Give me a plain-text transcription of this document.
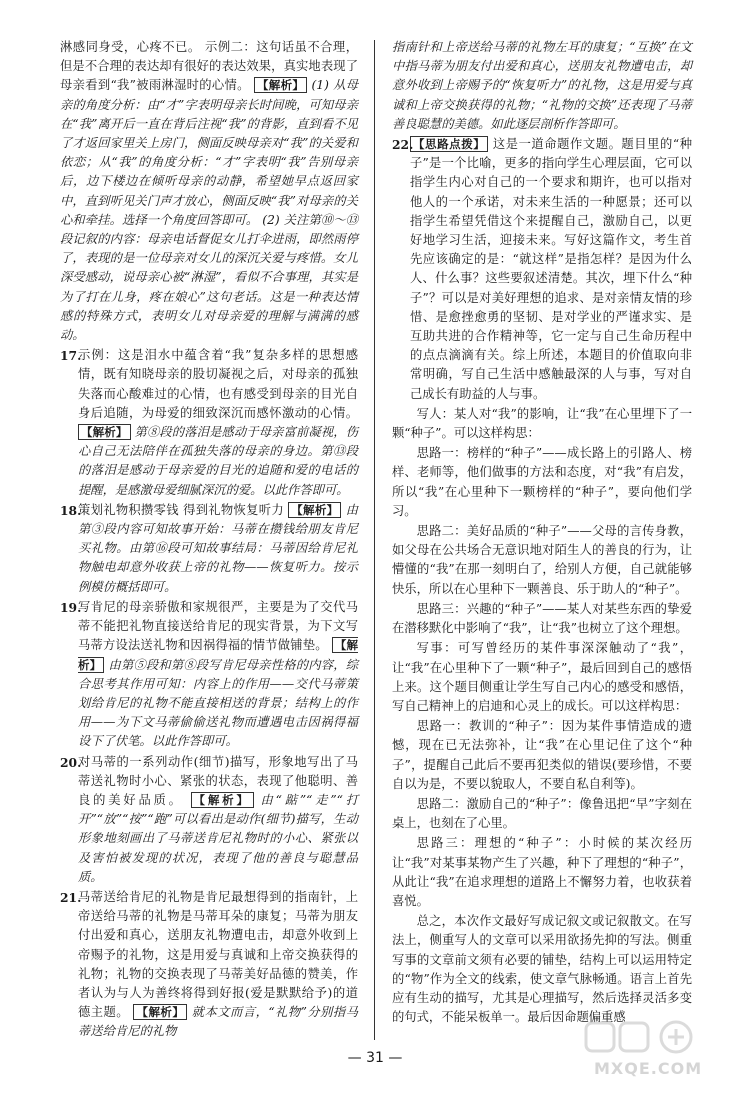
淋感同身受，心疼不已。 示例二：这句话虽不合理，但是不合理的表达却有很好的表达效果，真实地表现了母亲看到“我”被雨淋湿时的心情。 【解析】 (1) 从母亲的角度分析：由“才”字表明母亲长时间晚，可知母亲在“我”离开后一直在背后注视“我”的背影，直到看不见了才返回家里关上房门，侧面反映母亲对“我”的关爱和依恋；从“我”的角度分析：“才”字表明“我”告别母亲后，边下楼边在倾听母亲的动静，希望她早点返回家中，直到听见关门声才放心，侧面反映“我”对母亲的关心和牵挂。选择一个角度回答即可。 (2) 关注第⑩～⑬段记叙的内容：母亲电话督促女儿打伞进雨，即然雨停了，表现的是一位母亲对女儿的深沉关爱与疼惜。女儿深受感动，说母亲心被“淋湿”，看似不合事理，其实是为了打在儿身，疼在娘心”这句老话。这是一种表达情感的特殊方式，表明女儿对母亲爱的理解与满满的感动。

17.
示例：这是泪水中蕴含着“我”复杂多样的思想感情，既有知晓母亲的股切凝视之后，对母亲的孤独失落而心酸难过的心情，也有感受到母亲的目光自身后追随，为母爱的细致深沉而感怀激动的心情。 【解析】 第⑧段的落泪是感动于母亲富前凝视，伤心自己无法陪伴在孤独失落的母亲的身边。第⑬段的落泪是感动于母亲爱的目光的追随和爱的电话的提醒，是感激母爱细腻深沉的爱。以此作答即可。
18.
策划礼物积攒零钱 得到礼物恢复听力 【解析】 由第③段内容可知故事开始：马蒂在攒钱给朋友肯尼买礼物。由第⑯段可知故事结局：马蒂因给肯尼礼物触电却意外收获上帝的礼物——恢复听力。按示例模仿概括即可。
19.
写肯尼的母亲骄傲和家规很严，主要是为了交代马蒂不能把礼物直接送给肯尼的现实背景，为下文写马蒂方设法送礼物和因祸得福的情节做铺垫。 【解析】 由第⑤段和第⑧段写肯尼母亲性格的内容，综合思考其作用可知：内容上的作用——交代马蒂策划给肯尼的礼物不能直接相送的背景；结构上的作用——为下文马蒂偷偷送礼物而遭遇电击因祸得福设下了伏笔。以此作答即可。
20.
对马蒂的一系列动作(细节)描写，形象地写出了马蒂送礼物时小心、紧张的状态，表现了他聪明、善良的美好品质。 【解析】 由“踮”“走”“打开”“放”“按”“跑”可以看出是动作(细节)描写，生动形象地刻画出了马蒂送肯尼礼物时的小心、紧张以及害怕被发现的状况，表现了他的善良与聪慧品质。
21.
马蒂送给肯尼的礼物是肯尼最想得到的指南针，上帝送给马蒂的礼物是马蒂耳朵的康复；马蒂为朋友付出爱和真心，送朋友礼物遭电击，却意外收到上帝赐予的礼物，这是用爱与真诚和上帝交换获得的礼物；礼物的交换表现了马蒂美好品德的赞美，作者认为与人为善终将得到好报(爱是默默给予)的道德主题。 【解析】 就本文而言，“礼物”分别指马蒂送给肯尼的礼物

指南针和上帝送给马蒂的礼物左耳的康复；“互换”在文中指马蒂为朋友付出爱和真心，送朋友礼物遭电击，却意外收到上帝赐予的“恢复听力”的礼物，这是用爱与真诚和上帝交换获得的礼物；“礼物的交换”还表现了马蒂善良聪慧的美德。如此逐层剖析作答即可。

22. 【思路点拨】 这是一道命题作文题。题目里的“种子”是一个比喻，更多的指向学生心理层面，它可以指学生内心对自己的一个要求和期许，也可以指对他人的一个承诺，对未来生活的一种愿景；还可以指学生希望凭借这个来提醒自己，激励自己，以更好地学习生活，迎接未来。写好这篇作文，考生首先应该确定的是：“就这样”是指怎样？是因为什么人、什么事？这些要叙述清楚。其次，埋下什么“种子”？可以是对美好理想的追求、是对亲情友情的珍惜、是愈挫愈勇的坚韧、是对学业的严谨求实、是互助共进的合作精神等，它一定与自己生命历程中的点点滴滴有关。综上所述，本题目的价值取向非常明确，写自己生活中感触最深的人与事，写对自己成长有助益的人与事。

写人：某人对“我”的影响，让“我”在心里埋下了一颗“种子”。可以这样构思：

思路一：榜样的“种子”——成长路上的引路人、榜样、老师等，他们做事的方法和态度，对“我”有启发，所以“我”在心里种下一颗榜样的“种子”，要向他们学习。

思路二：美好品质的“种子”——父母的言传身教，如父母在公共场合无意识地对陌生人的善良的行为，让懵懂的“我”在那一刻明白了，给别人方便，自己就能够快乐，所以在心里种下一颗善良、乐于助人的“种子”。

思路三：兴趣的“种子”——某人对某些东西的挚爱在潜移默化中影响了“我”，让“我”也树立了这个理想。

写事：可写曾经历的某件事深深触动了“我”，让“我”在心里种下了一颗“种子”，最后回到自己的感悟上来。这个题目侧重让学生写自己内心的感受和感悟，写自己精神上的启迪和心灵上的成长。可以这样构思：

思路一：教训的“种子”：因为某件事情造成的遗憾，现在已无法弥补，让“我”在心里记住了这个“种子”，提醒自己此后不要再犯类似的错误(要珍惜，不要自以为是，不要以貌取人，不要自私自利等)。

思路二：激励自己的“种子”：像鲁迅把“早”字刻在桌上，也刻在了心里。

思路三：理想的“种子”：小时候的某次经历让“我”对某事某物产生了兴趣，种下了理想的“种子”，从此让“我”在追求理想的道路上不懈努力着，也收获着喜悦。

总之，本次作文最好写成记叙文或记叙散文。在写法上，侧重写人的文章可以采用欲扬先抑的写法。侧重写事的文章前文须有必要的铺垫，结构上可以运用特定的“物”作为全文的线索，使文章气脉畅通。语言上首先应有生动的描写，尤其是心理描写，然后选择灵活多变的句式，不能呆板单一。最后因命题偏重感

— 31 —
MXQE.COM
